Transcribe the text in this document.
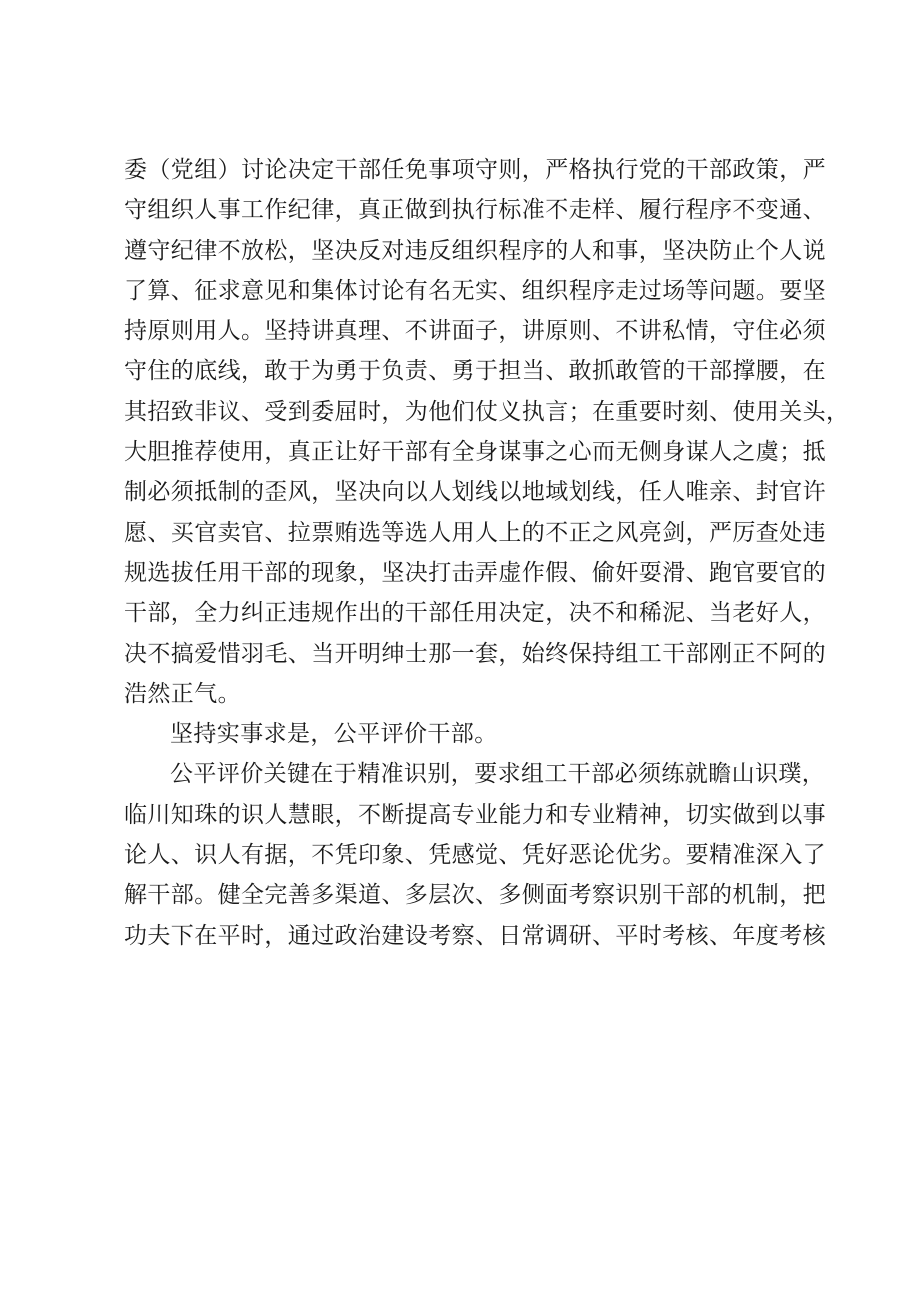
委（党组）讨论决定干部任免事项守则，严格执行党的干部政策，严
守组织人事工作纪律，真正做到执行标准不走样、履行程序不变通、
遵守纪律不放松，坚决反对违反组织程序的人和事，坚决防止个人说
了算、征求意见和集体讨论有名无实、组织程序走过场等问题。要坚
持原则用人。坚持讲真理、不讲面子，讲原则、不讲私情，守住必须
守住的底线，敢于为勇于负责、勇于担当、敢抓敢管的干部撑腰，在
其招致非议、受到委屈时，为他们仗义执言；在重要时刻、使用关头，
大胆推荐使用，真正让好干部有全身谋事之心而无侧身谋人之虞；抵
制必须抵制的歪风，坚决向以人划线以地域划线，任人唯亲、封官许
愿、买官卖官、拉票贿选等选人用人上的不正之风亮剑，严厉查处违
规选拔任用干部的现象，坚决打击弄虚作假、偷奸耍滑、跑官要官的
干部，全力纠正违规作出的干部任用决定，决不和稀泥、当老好人，
决不搞爱惜羽毛、当开明绅士那一套，始终保持组工干部刚正不阿的
浩然正气。
坚持实事求是，公平评价干部。
公平评价关键在于精准识别，要求组工干部必须练就瞻山识璞，
临川知珠的识人慧眼，不断提高专业能力和专业精神，切实做到以事
论人、识人有据，不凭印象、凭感觉、凭好恶论优劣。要精准深入了
解干部。健全完善多渠道、多层次、多侧面考察识别干部的机制，把
功夫下在平时，通过政治建设考察、日常调研、平时考核、年度考核
